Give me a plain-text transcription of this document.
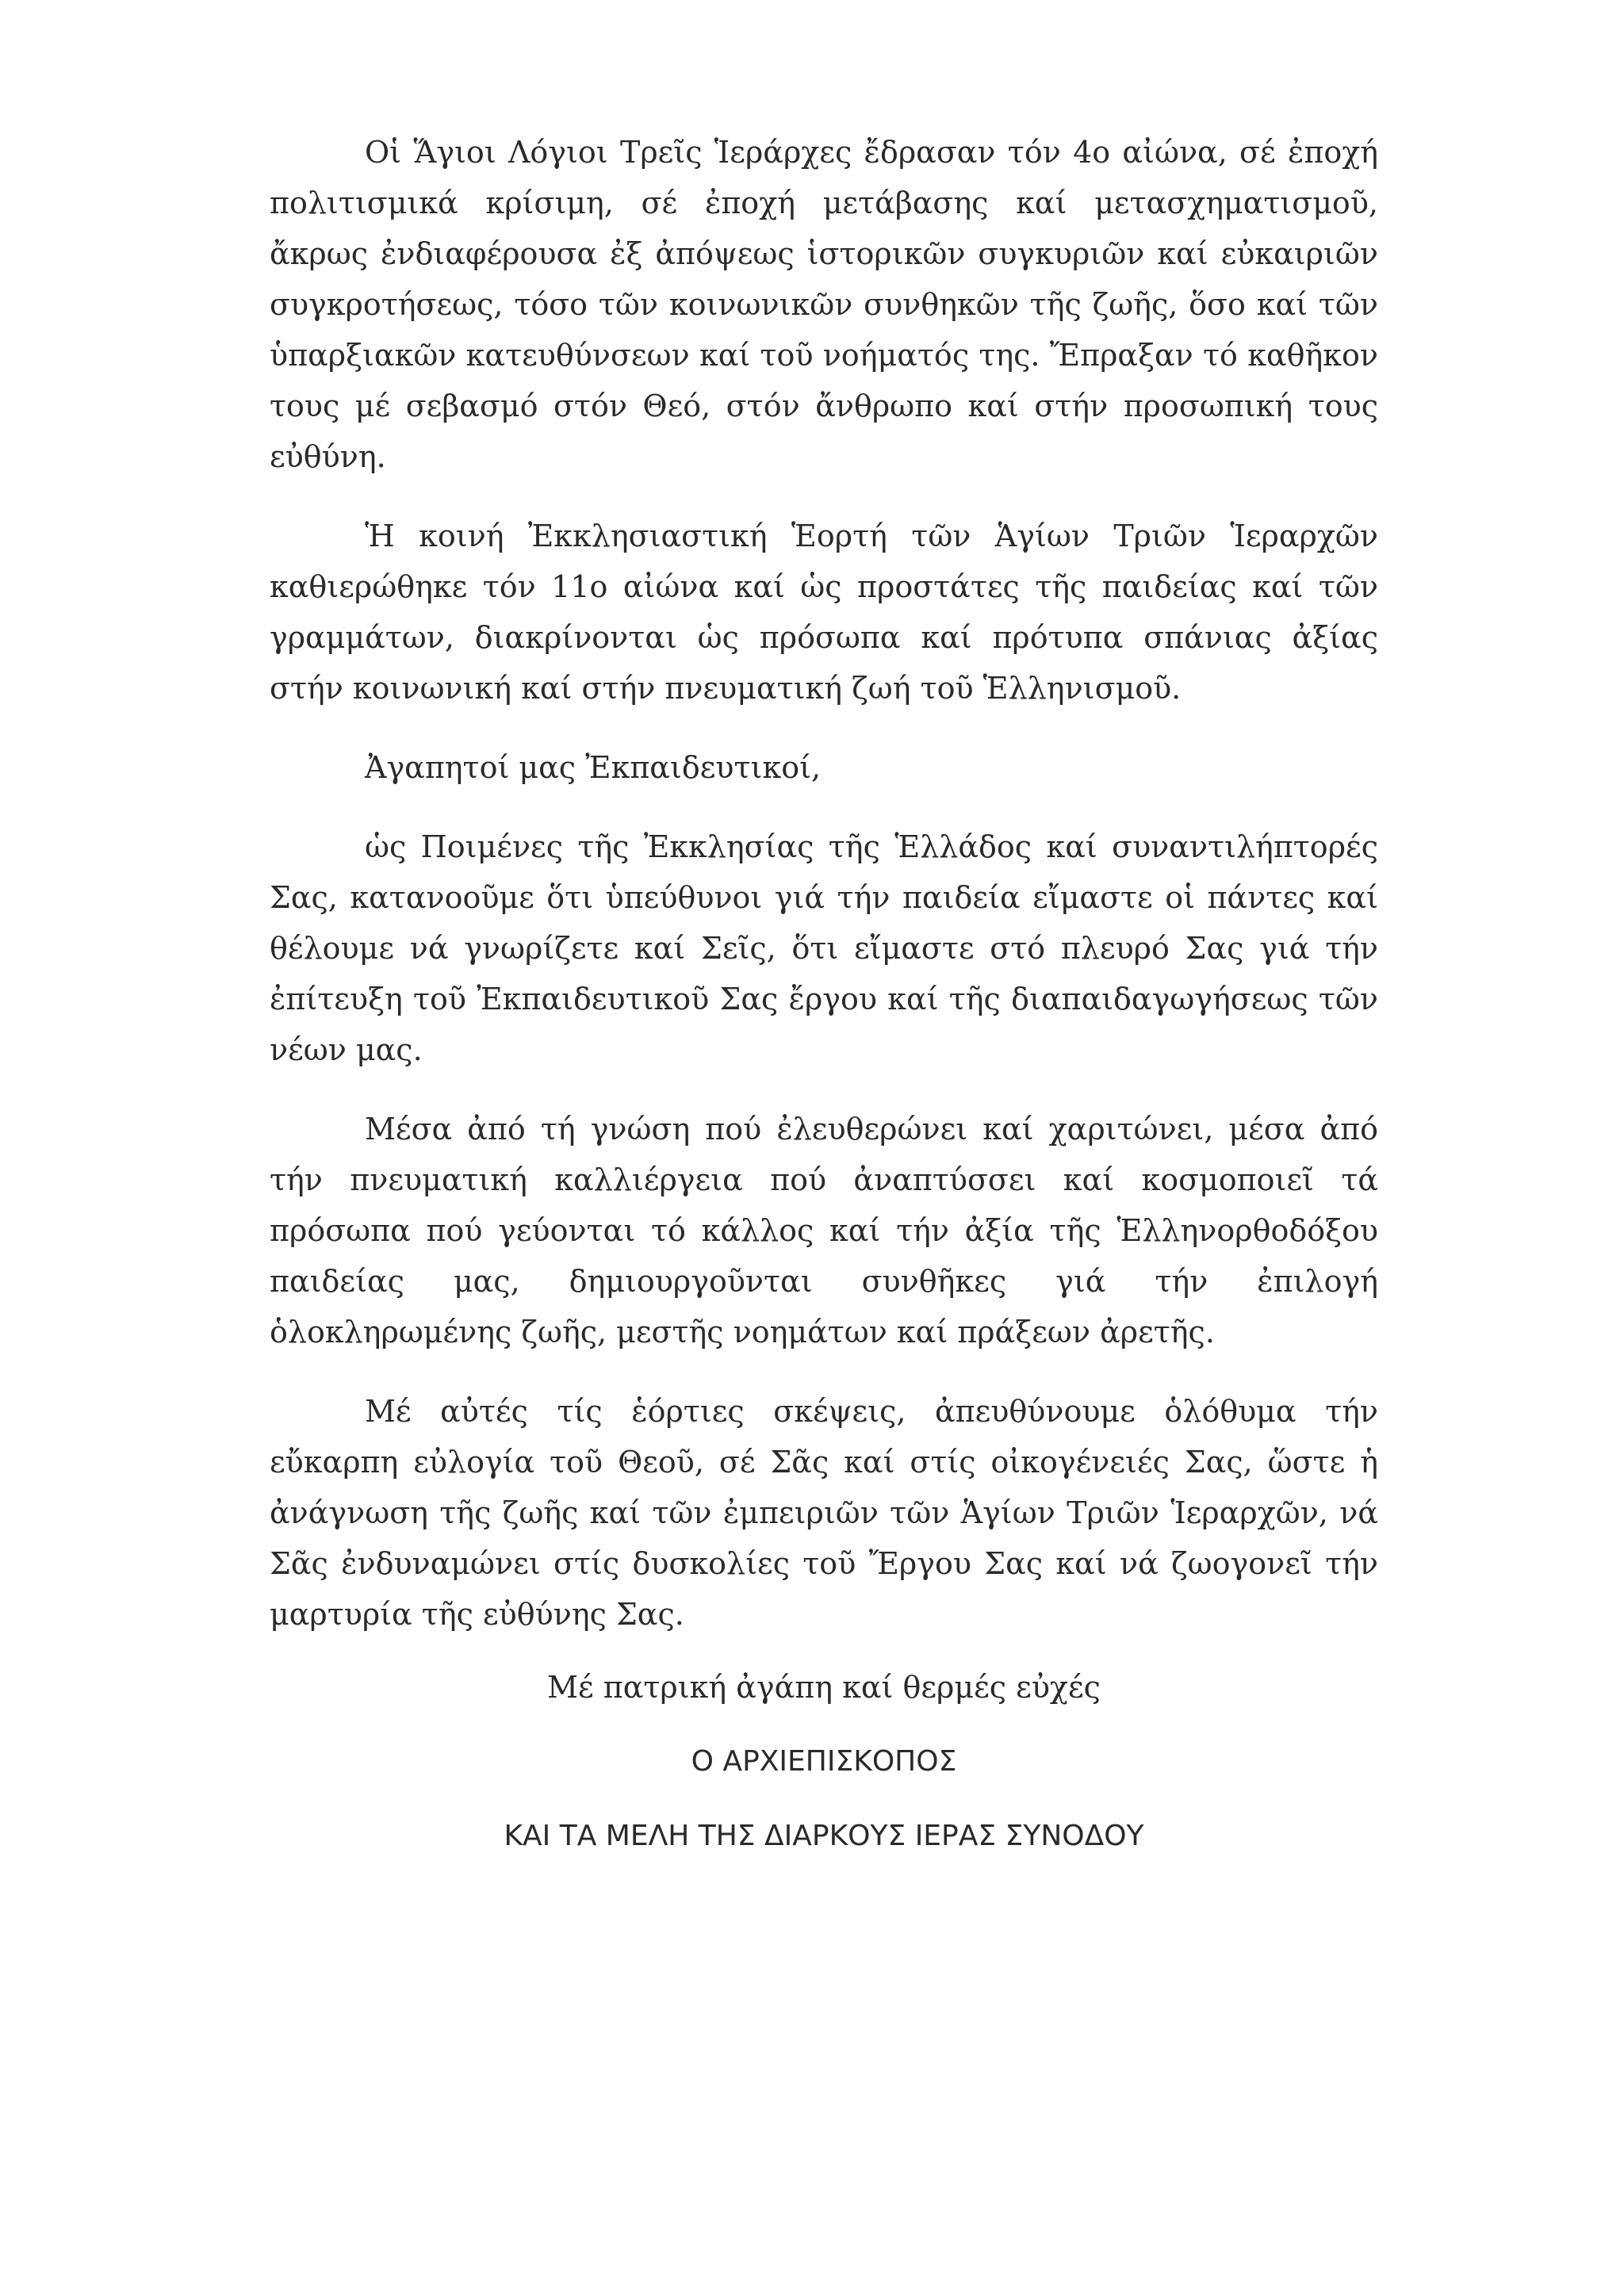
Οἱ Ἅγιοι Λόγιοι Τρεῖς Ἱεράρχες ἔδρασαν τόν 4ο αἰώνα, σέ ἐποχή πολιτισμικά κρίσιμη, σέ ἐποχή μετάβασης καί μετασχηματισμοῦ, ἄκρως ἐνδιαφέρουσα ἐξ ἀπόψεως ἱστορικῶν συγκυριῶν καί εὐκαιριῶν συγκροτήσεως, τόσο τῶν κοινωνικῶν συνθηκῶν τῆς ζωῆς, ὅσο καί τῶν ὑπαρξιακῶν κατευθύνσεων καί τοῦ νοήματός της. Ἔπραξαν τό καθῆκον τους μέ σεβασμό στόν Θεό, στόν ἄνθρωπο καί στήν προσωπική τους εὐθύνη.

Ἡ κοινή Ἐκκλησιαστική Ἑορτή τῶν Ἁγίων Τριῶν Ἱεραρχῶν καθιερώθηκε τόν 11ο αἰώνα καί ὡς προστάτες τῆς παιδείας καί τῶν γραμμάτων, διακρίνονται ὡς πρόσωπα καί πρότυπα σπάνιας ἀξίας στήν κοινωνική καί στήν πνευματική ζωή τοῦ Ἑλληνισμοῦ.

Ἀγαπητοί μας Ἐκπαιδευτικοί,

ὡς Ποιμένες τῆς Ἐκκλησίας τῆς Ἑλλάδος καί συναντιλήπτορές Σας, κατανοοῦμε ὅτι ὑπεύθυνοι γιά τήν παιδεία εἴμαστε οἱ πάντες καί θέλουμε νά γνωρίζετε καί Σεῖς, ὅτι εἴμαστε στό πλευρό Σας γιά τήν ἐπίτευξη τοῦ Ἐκπαιδευτικοῦ Σας ἔργου καί τῆς διαπαιδαγωγήσεως τῶν νέων μας.

Μέσα ἀπό τή γνώση πού ἐλευθερώνει καί χαριτώνει, μέσα ἀπό τήν πνευματική καλλιέργεια πού ἀναπτύσσει καί κοσμοποιεῖ τά πρόσωπα πού γεύονται τό κάλλος καί τήν ἀξία τῆς Ἑλληνορθοδόξου παιδείας μας, δημιουργοῦνται συνθῆκες γιά τήν ἐπιλογή ὁλοκληρωμένης ζωῆς, μεστῆς νοημάτων καί πράξεων ἀρετῆς.

Μέ αὐτές τίς ἑόρτιες σκέψεις, ἀπευθύνουμε ὁλόθυμα τήν εὔκαρπη εὐλογία τοῦ Θεοῦ, σέ Σᾶς καί στίς οἰκογένειές Σας, ὥστε ἡ ἀνάγνωση τῆς ζωῆς καί τῶν ἐμπειριῶν τῶν Ἁγίων Τριῶν Ἱεραρχῶν, νά Σᾶς ἐνδυναμώνει στίς δυσκολίες τοῦ Ἔργου Σας καί νά ζωογονεῖ τήν μαρτυρία τῆς εὐθύνης Σας.

Μέ πατρική ἀγάπη καί θερμές εὐχές
Ο ΑΡΧΙΕΠΙΣΚΟΠΟΣ
ΚΑΙ ΤΑ ΜΕΛΗ ΤΗΣ ΔΙΑΡΚΟΥΣ ΙΕΡΑΣ ΣΥΝΟΔΟΥ
